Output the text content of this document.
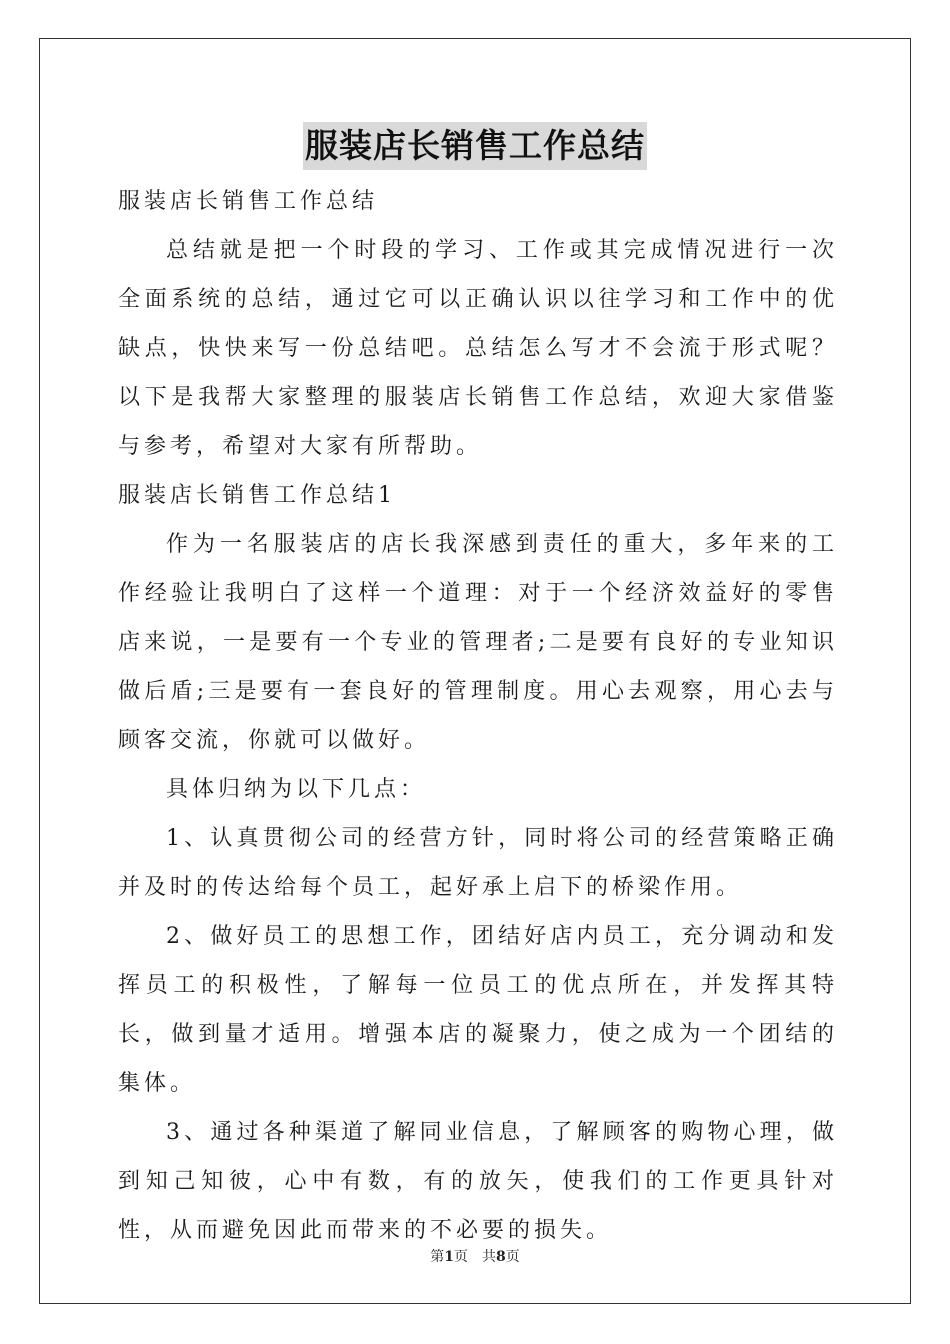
服装店长销售工作总结

服装店长销售工作总结

总结就是把一个时段的学习、工作或其完成情况进行一次全面系统的总结，通过它可以正确认识以往学习和工作中的优缺点，快快来写一份总结吧。总结怎么写才不会流于形式呢？以下是我帮大家整理的服装店长销售工作总结，欢迎大家借鉴与参考，希望对大家有所帮助。

服装店长销售工作总结1

作为一名服装店的店长我深感到责任的重大，多年来的工作经验让我明白了这样一个道理：对于一个经济效益好的零售店来说，一是要有一个专业的管理者;二是要有良好的专业知识做后盾;三是要有一套良好的管理制度。用心去观察，用心去与顾客交流，你就可以做好。

具体归纳为以下几点：

1、认真贯彻公司的经营方针，同时将公司的经营策略正确并及时的传达给每个员工，起好承上启下的桥梁作用。

2、做好员工的思想工作，团结好店内员工，充分调动和发挥员工的积极性，了解每一位员工的优点所在，并发挥其特长，做到量才适用。增强本店的凝聚力，使之成为一个团结的集体。

3、通过各种渠道了解同业信息，了解顾客的购物心理，做到知己知彼，心中有数，有的放矢，使我们的工作更具针对性，从而避免因此而带来的不必要的损失。

第1页 共8页
